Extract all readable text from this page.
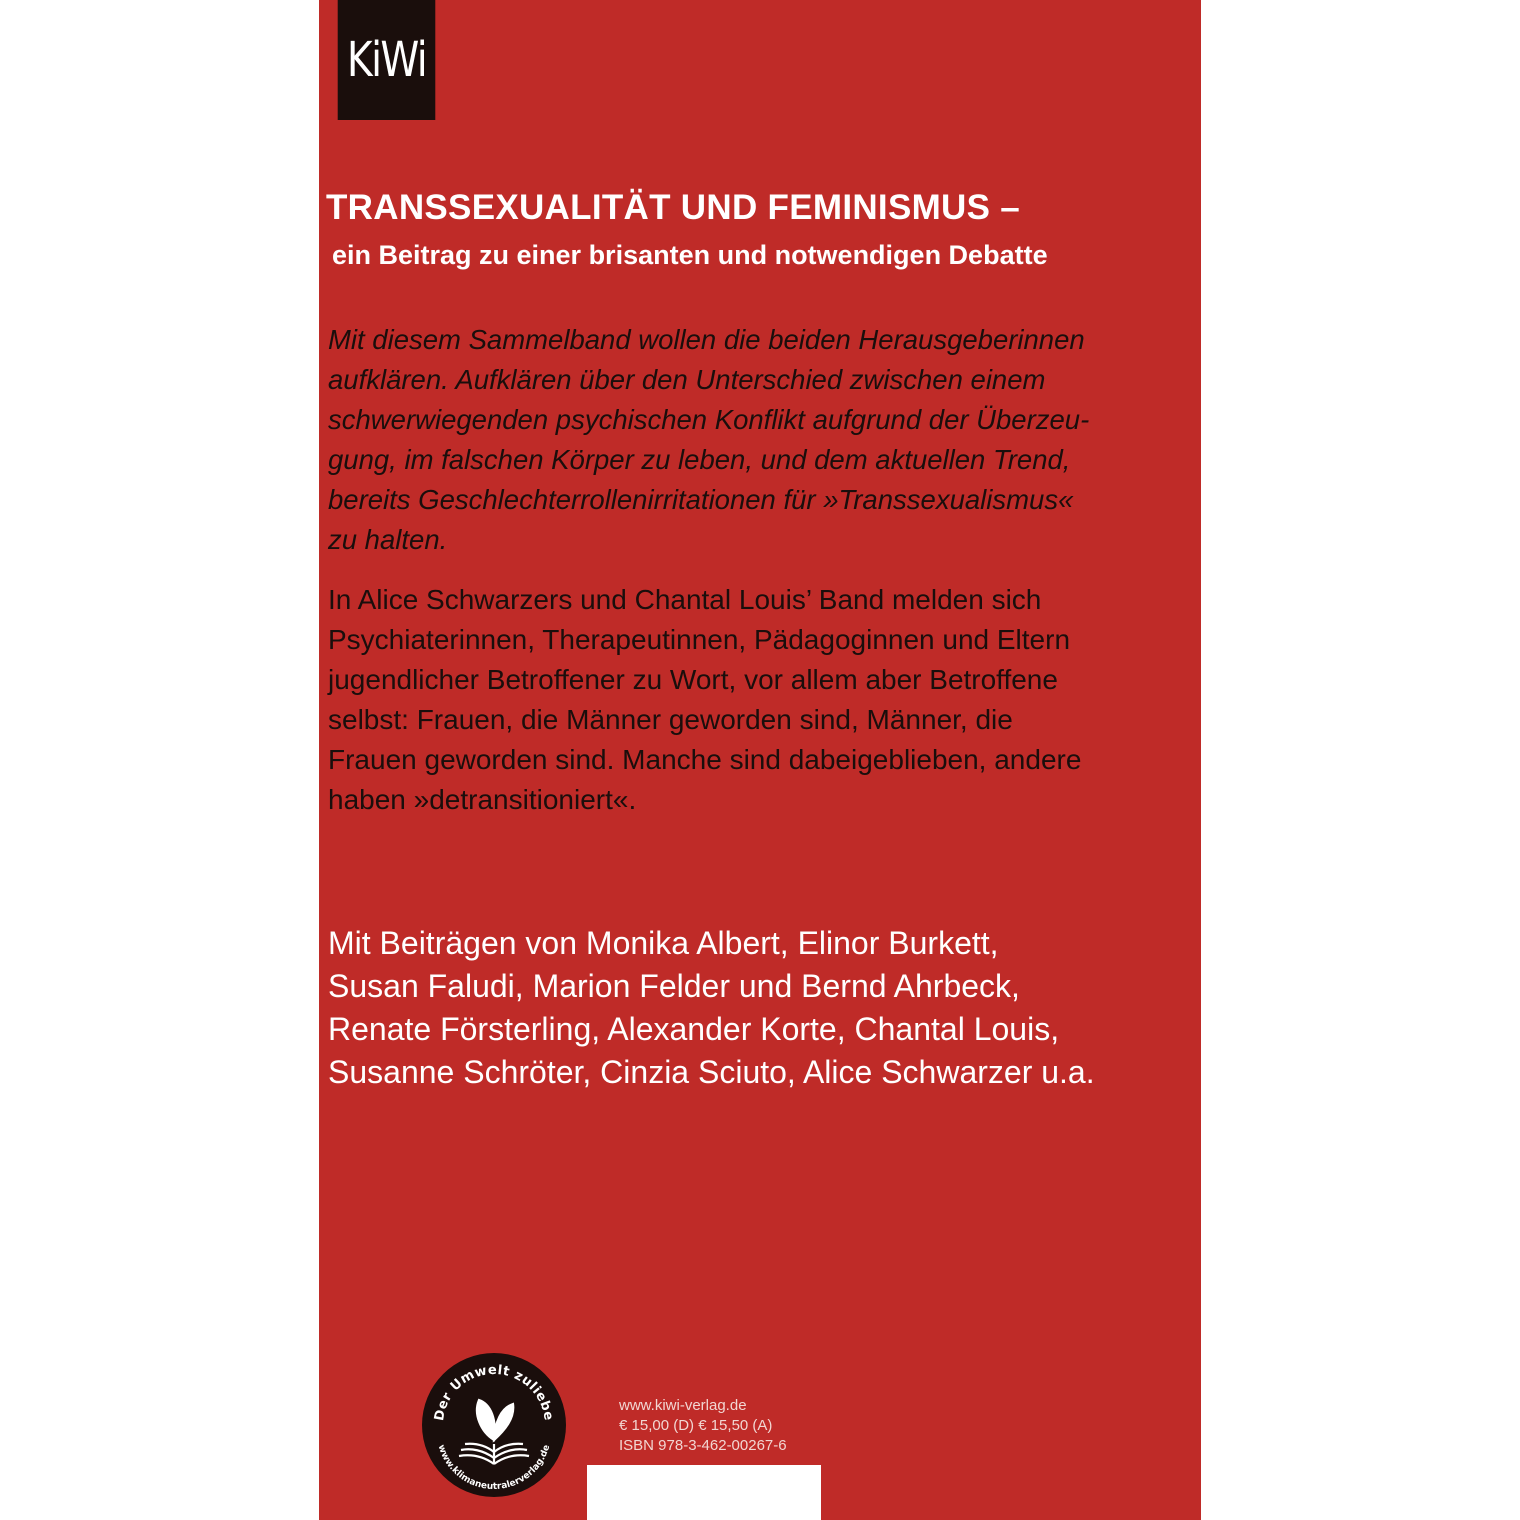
KiWi
TRANSSEXUALITÄT UND FEMINISMUS –
ein Beitrag zu einer brisanten und notwendigen Debatte
Mit diesem Sammelband wollen die beiden Herausgeberinnen
aufklären. Aufklären über den Unterschied zwischen einem
schwerwiegenden psychischen Konflikt aufgrund der Überzeu-
gung, im falschen Körper zu leben, und dem aktuellen Trend,
bereits Geschlechterrollenirritationen für »Transsexualismus«
zu halten.
In Alice Schwarzers und Chantal Louis’ Band melden sich
Psychiaterinnen, Therapeutinnen, Pädagoginnen und Eltern
jugendlicher Betroffener zu Wort, vor allem aber Betroffene
selbst: Frauen, die Männer geworden sind, Männer, die
Frauen geworden sind. Manche sind dabeigeblieben, andere
haben »detransitioniert«.
Mit Beiträgen von Monika Albert, Elinor Burkett,
Susan Faludi, Marion Felder und Bernd Ahrbeck,
Renate Försterling, Alexander Korte, Chantal Louis,
Susanne Schröter, Cinzia Sciuto, Alice Schwarzer u.a.
Der Umwelt zuliebe
www.klimaneutralerverlag.de
www.kiwi-verlag.de
€ 15,00 (D) € 15,50 (A)
ISBN 978-3-462-00267-6
